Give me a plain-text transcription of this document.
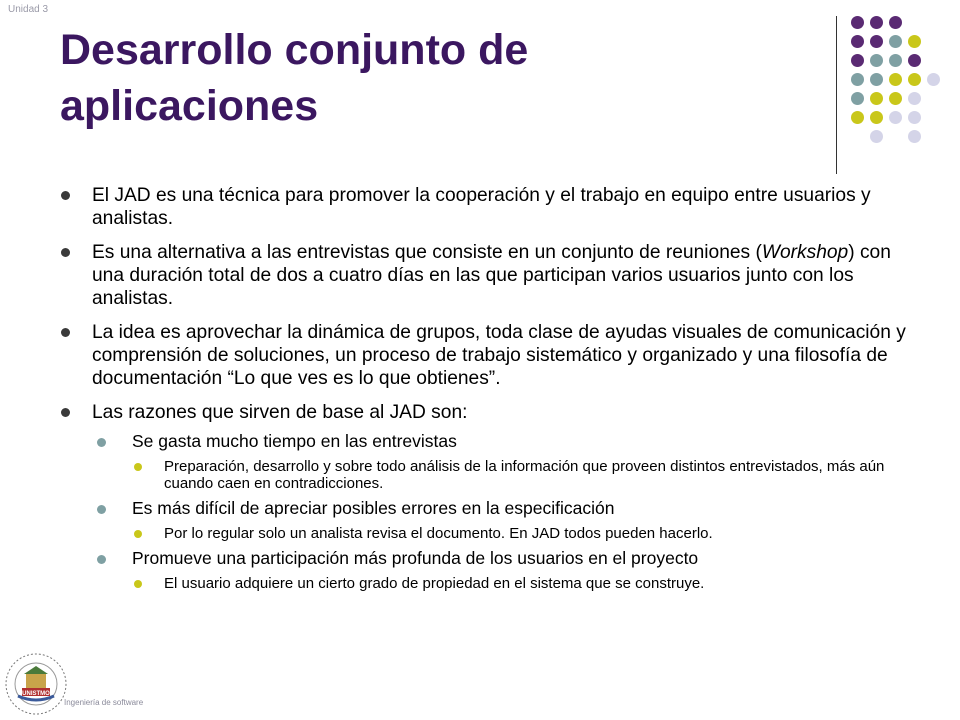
Unidad 3
Desarrollo conjunto de
aplicaciones
El JAD es una técnica para promover la cooperación y el trabajo en equipo entre usuarios y analistas.
Es una alternativa a las entrevistas que consiste en un conjunto de reuniones (Workshop) con una duración total de dos a cuatro días en las que participan varios usuarios junto con los analistas.
La idea es aprovechar la dinámica de grupos, toda clase de ayudas visuales de comunicación y comprensión de soluciones, un proceso de trabajo sistemático y organizado y una filosofía de documentación “Lo que ves es lo que obtienes”.
Las razones que sirven de base al JAD son:
Se gasta mucho tiempo en las entrevistas
Preparación, desarrollo y sobre todo análisis de la información que proveen distintos entrevistados, más aún cuando caen en contradicciones.
Es más difícil de apreciar posibles errores en la especificación
Por lo regular solo un analista revisa el documento. En JAD todos pueden hacerlo.
Promueve una participación más profunda de los usuarios en el proyecto
El usuario adquiere un cierto grado de propiedad en el sistema que se construye.
UNISTMO
Ingeniería de software
